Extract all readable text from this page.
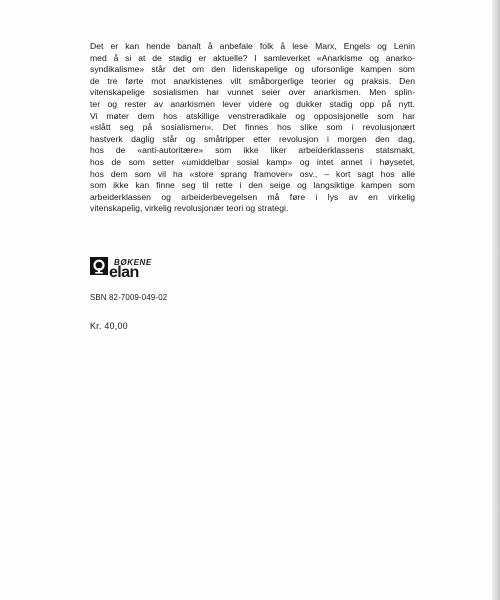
Det er kan hende banalt å anbefale folk å lese Marx, Engels og Lenin
med å si at de stadig er aktuelle? I samleverket «Anarkisme og anarko-
syndikalisme» står det om den lidenskapelige og uforsonlige kampen som
de tre førte mot anarkistenes vilt småborgerlige teorier og praksis. Den
vitenskapelige sosialismen har vunnet seier over anarkismen. Men splin-
ter og rester av anarkismen lever videre og dukker stadig opp på nytt.
Vi møter dem hos atskillige venstreradikale og opposisjonelle som har
«slått seg på sosialismen». Det finnes hos slike som i revolusjonært
hastverk daglig står og småtripper etter revolusjon i morgen den dag,
hos de «anti-autoritære» som ikke liker arbeiderklassens statsmakt,
hos de som setter «umiddelbar sosial kamp» og intet annet i høysetet,
hos dem som vil ha «store sprang framover» osv., – kort sagt hos alle
som ikke kan finne seg til rette i den seige og langsiktige kampen som
arbeiderklassen og arbeiderbevegelsen må føre i lys av en virkelig
vitenskapelig, virkelig revolusjonær teori og strategi.
BØKENE
elan
SBN 82-7009-049-02
Kr. 40,00
